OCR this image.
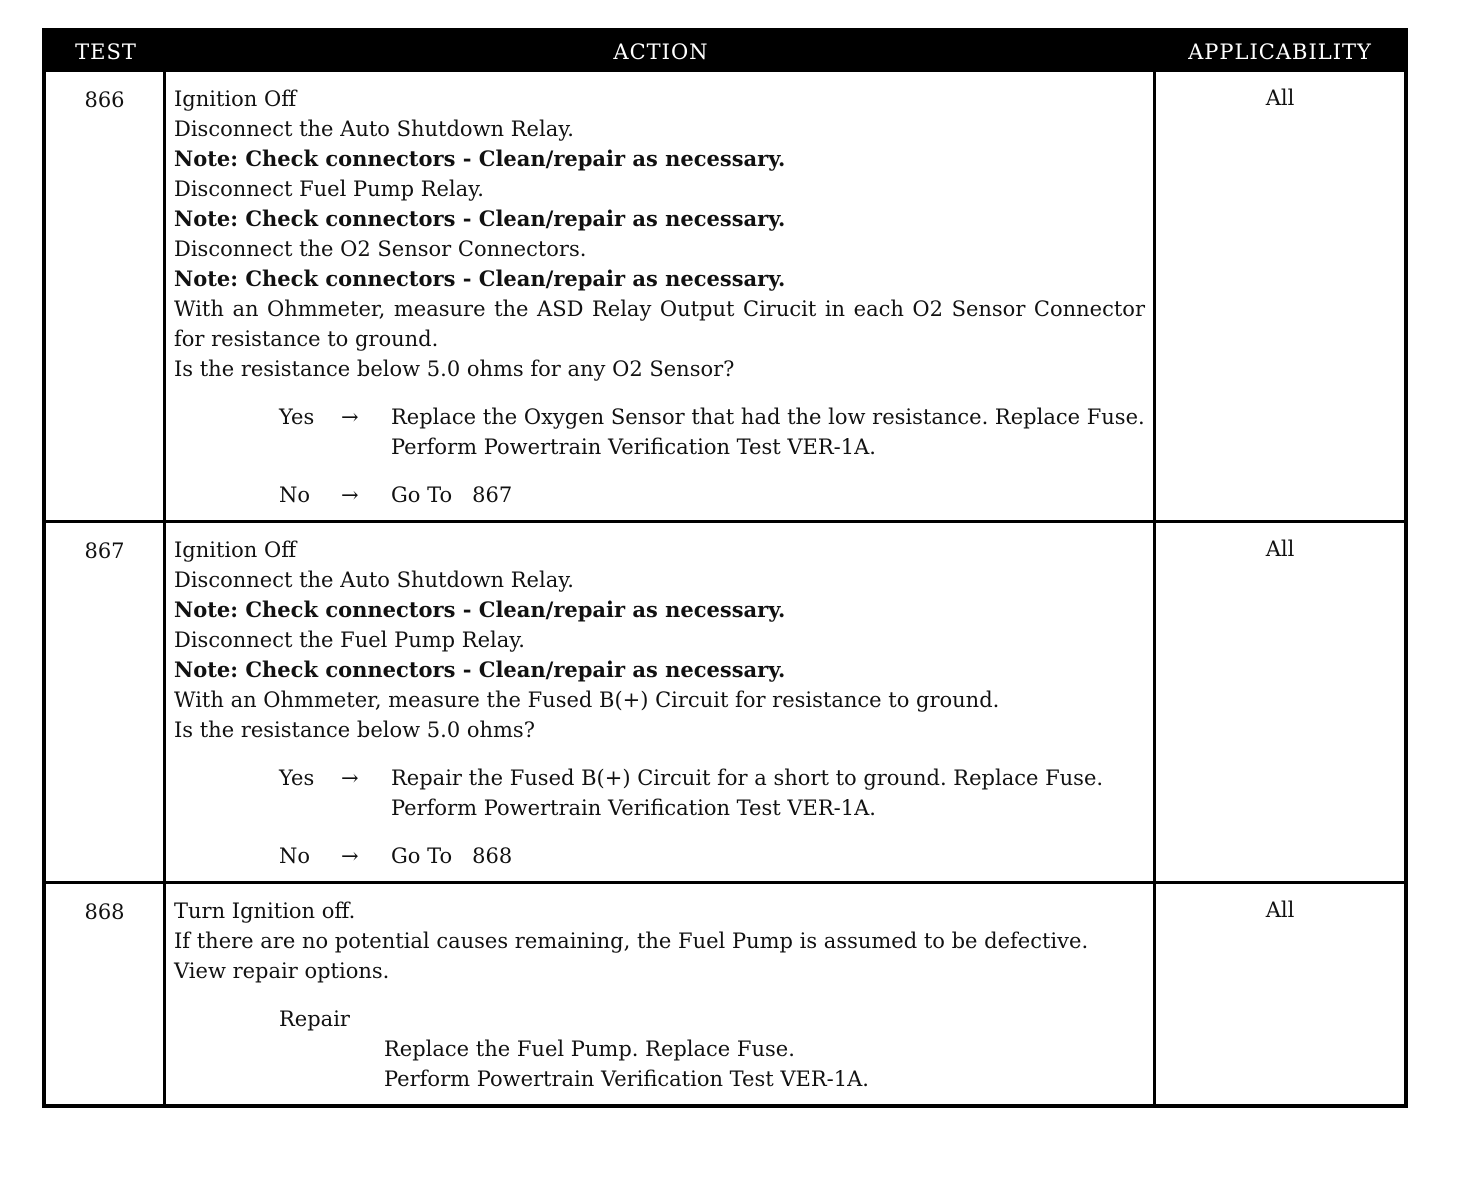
TEST	ACTION	APPLICABILITY
866	Ignition Off
Disconnect the Auto Shutdown Relay.
Note: Check connectors - Clean/repair as necessary.
Disconnect Fuel Pump Relay.
Note: Check connectors - Clean/repair as necessary.
Disconnect the O2 Sensor Connectors.
Note: Check connectors - Clean/repair as necessary.
With an Ohmmeter, measure the ASD Relay Output Cirucit in each O2 Sensor Connector for resistance to ground.
Is the resistance below 5.0 ohms for any O2 Sensor?
Yes	→	Replace the Oxygen Sensor that had the low resistance. Replace Fuse.
Perform Powertrain Verification Test VER-1A.
No	→	Go To   867
All
867	Ignition Off
Disconnect the Auto Shutdown Relay.
Note: Check connectors - Clean/repair as necessary.
Disconnect the Fuel Pump Relay.
Note: Check connectors - Clean/repair as necessary.
With an Ohmmeter, measure the Fused B(+) Circuit for resistance to ground.
Is the resistance below 5.0 ohms?
Yes	→	Repair the Fused B(+) Circuit for a short to ground. Replace Fuse.
Perform Powertrain Verification Test VER-1A.
No	→	Go To   868
All
868	Turn Ignition off.
If there are no potential causes remaining, the Fuel Pump is assumed to be defective.
View repair options.
Repair
Replace the Fuel Pump. Replace Fuse.
Perform Powertrain Verification Test VER-1A.
All
